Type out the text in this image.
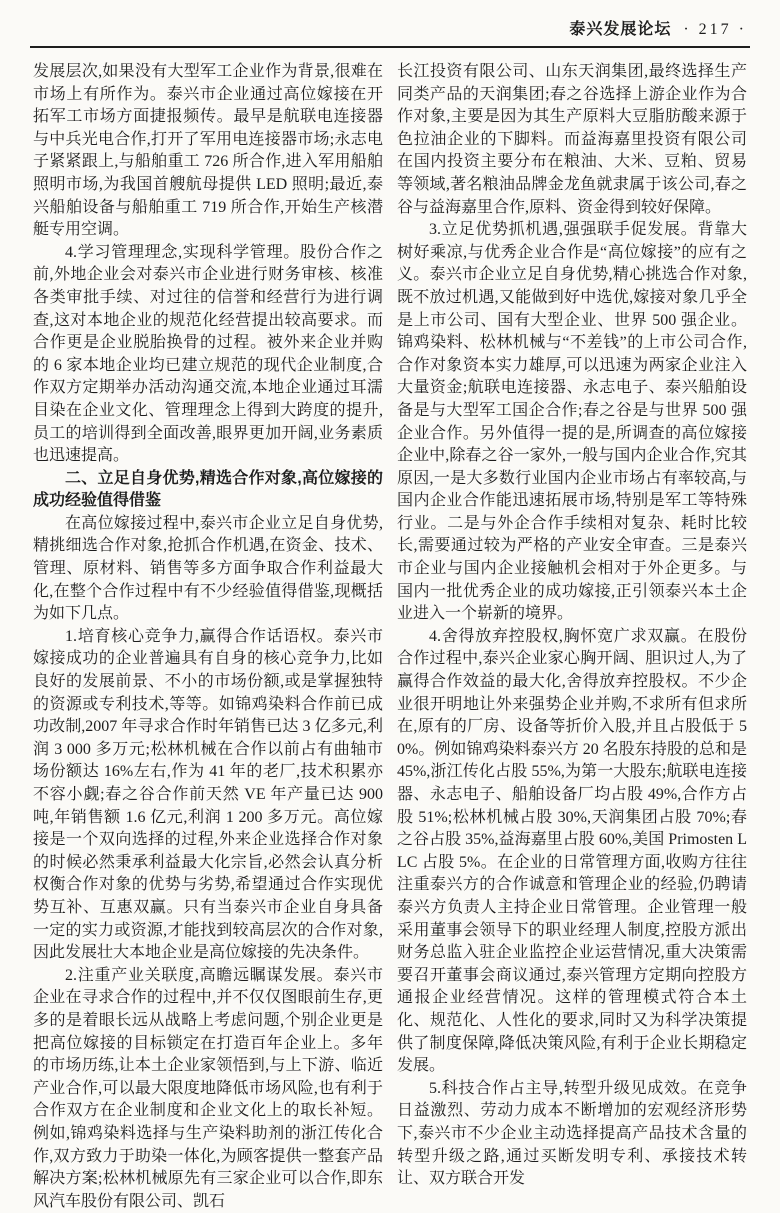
泰兴发展论坛 · 217 ·

发展层次,如果没有大型军工企业作为背景,很难在市场上有所作为。泰兴市企业通过高位嫁接在开拓军工市场方面捷报频传。最早是航联电连接器与中兵光电合作,打开了军用电连接器市场;永志电子紧紧跟上,与船舶重工 726 所合作,进入军用船舶照明市场,为我国首艘航母提供 LED 照明;最近,泰兴船舶设备与船舶重工 719 所合作,开始生产核潜艇专用空调。

4.学习管理理念,实现科学管理。股份合作之前,外地企业会对泰兴市企业进行财务审核、核准各类审批手续、对过往的信誉和经营行为进行调查,这对本地企业的规范化经营提出较高要求。而合作更是企业脱胎换骨的过程。被外来企业并购的 6 家本地企业均已建立规范的现代企业制度,合作双方定期举办活动沟通交流,本地企业通过耳濡目染在企业文化、管理理念上得到大跨度的提升,员工的培训得到全面改善,眼界更加开阔,业务素质也迅速提高。

二、立足自身优势,精选合作对象,高位嫁接的成功经验值得借鉴

在高位嫁接过程中,泰兴市企业立足自身优势,精挑细选合作对象,抢抓合作机遇,在资金、技术、管理、原材料、销售等多方面争取合作利益最大化,在整个合作过程中有不少经验值得借鉴,现概括为如下几点。

1.培育核心竞争力,赢得合作话语权。泰兴市嫁接成功的企业普遍具有自身的核心竞争力,比如良好的发展前景、不小的市场份额,或是掌握独特的资源或专利技术,等等。如锦鸡染料合作前已成功改制,2007 年寻求合作时年销售已达 3 亿多元,利润 3 000 多万元;松林机械在合作以前占有曲轴市场份额达 16%左右,作为 41 年的老厂,技术积累亦不容小觑;春之谷合作前天然 VE 年产量已达 900 吨,年销售额 1.6 亿元,利润 1 200 多万元。高位嫁接是一个双向选择的过程,外来企业选择合作对象的时候必然秉承利益最大化宗旨,必然会认真分析权衡合作对象的优势与劣势,希望通过合作实现优势互补、互惠双赢。只有当泰兴市企业自身具备一定的实力或资源,才能找到较高层次的合作对象,因此发展壮大本地企业是高位嫁接的先决条件。

2.注重产业关联度,高瞻远瞩谋发展。泰兴市企业在寻求合作的过程中,并不仅仅图眼前生存,更多的是着眼长远从战略上考虑问题,个别企业更是把高位嫁接的目标锁定在打造百年企业上。多年的市场历练,让本土企业家领悟到,与上下游、临近产业合作,可以最大限度地降低市场风险,也有利于合作双方在企业制度和企业文化上的取长补短。例如,锦鸡染料选择与生产染料助剂的浙江传化合作,双方致力于助染一体化,为顾客提供一整套产品解决方案;松林机械原先有三家企业可以合作,即东风汽车股份有限公司、凯石

长江投资有限公司、山东天润集团,最终选择生产同类产品的天润集团;春之谷选择上游企业作为合作对象,主要是因为其生产原料大豆脂肪酸来源于色拉油企业的下脚料。而益海嘉里投资有限公司在国内投资主要分布在粮油、大米、豆粕、贸易等领域,著名粮油品牌金龙鱼就隶属于该公司,春之谷与益海嘉里合作,原料、资金得到较好保障。

3.立足优势抓机遇,强强联手促发展。背靠大树好乘凉,与优秀企业合作是“高位嫁接”的应有之义。泰兴市企业立足自身优势,精心挑选合作对象,既不放过机遇,又能做到好中选优,嫁接对象几乎全是上市公司、国有大型企业、世界 500 强企业。锦鸡染料、松林机械与“不差钱”的上市公司合作,合作对象资本实力雄厚,可以迅速为两家企业注入大量资金;航联电连接器、永志电子、泰兴船舶设备是与大型军工国企合作;春之谷是与世界 500 强企业合作。另外值得一提的是,所调查的高位嫁接企业中,除春之谷一家外,一般与国内企业合作,究其原因,一是大多数行业国内企业市场占有率较高,与国内企业合作能迅速拓展市场,特别是军工等特殊行业。二是与外企合作手续相对复杂、耗时比较长,需要通过较为严格的产业安全审查。三是泰兴市企业与国内企业接触机会相对于外企更多。与国内一批优秀企业的成功嫁接,正引领泰兴本土企业进入一个崭新的境界。

4.舍得放弃控股权,胸怀宽广求双赢。在股份合作过程中,泰兴企业家心胸开阔、胆识过人,为了赢得合作效益的最大化,舍得放弃控股权。不少企业很开明地让外来强势企业并购,不求所有但求所在,原有的厂房、设备等折价入股,并且占股低于 50%。例如锦鸡染料泰兴方 20 名股东持股的总和是 45%,浙江传化占股 55%,为第一大股东;航联电连接器、永志电子、船舶设备厂均占股 49%,合作方占股 51%;松林机械占股 30%,天润集团占股 70%;春之谷占股 35%,益海嘉里占股 60%,美国 Primosten LLC 占股 5%。在企业的日常管理方面,收购方往往注重泰兴方的合作诚意和管理企业的经验,仍聘请泰兴方负责人主持企业日常管理。企业管理一般采用董事会领导下的职业经理人制度,控股方派出财务总监入驻企业监控企业运营情况,重大决策需要召开董事会商议通过,泰兴管理方定期向控股方通报企业经营情况。这样的管理模式符合本土化、规范化、人性化的要求,同时又为科学决策提供了制度保障,降低决策风险,有利于企业长期稳定发展。

5.科技合作占主导,转型升级见成效。在竞争日益激烈、劳动力成本不断增加的宏观经济形势下,泰兴市不少企业主动选择提高产品技术含量的转型升级之路,通过买断发明专利、承接技术转让、双方联合开发
